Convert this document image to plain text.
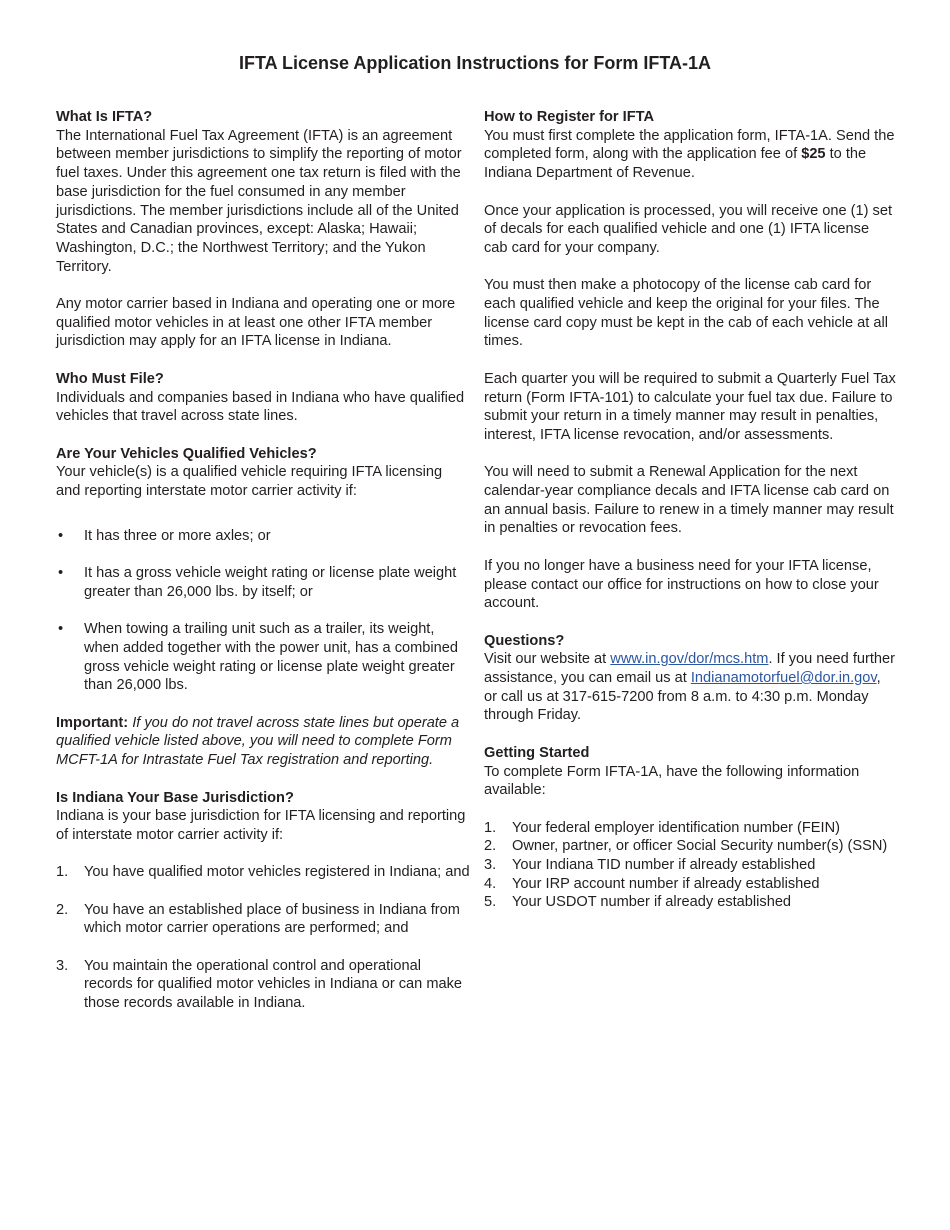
IFTA License Application Instructions for Form IFTA-1A
What Is IFTA?

The International Fuel Tax Agreement (IFTA) is an agreement between member jurisdictions to simplify the reporting of motor fuel taxes. Under this agreement one tax return is filed with the base jurisdiction for the fuel consumed in any member jurisdictions. The member jurisdictions include all of the United States and Canadian provinces, except: Alaska; Hawaii; Washington, D.C.; the Northwest Territory; and the Yukon Territory.

Any motor carrier based in Indiana and operating one or more qualified motor vehicles in at least one other IFTA member jurisdiction may apply for an IFTA license in Indiana.

Who Must File?

Individuals and companies based in Indiana who have qualified vehicles that travel across state lines.

Are Your Vehicles Qualified Vehicles?

Your vehicle(s) is a qualified vehicle requiring IFTA licensing and reporting interstate motor carrier activity if:

• It has three or more axles; or
• It has a gross vehicle weight rating or license plate weight greater than 26,000 lbs. by itself; or
• When towing a trailing unit such as a trailer, its weight, when added together with the power unit, has a combined gross vehicle weight rating or license plate weight greater than 26,000 lbs.

Important: If you do not travel across state lines but operate a qualified vehicle listed above, you will need to complete Form MCFT-1A for Intrastate Fuel Tax registration and reporting.

Is Indiana Your Base Jurisdiction?

Indiana is your base jurisdiction for IFTA licensing and reporting of interstate motor carrier activity if:

1. You have qualified motor vehicles registered in Indiana; and
2. You have an established place of business in Indiana from which motor carrier operations are performed; and
3. You maintain the operational control and operational records for qualified motor vehicles in Indiana or can make those records available in Indiana.
How to Register for IFTA

You must first complete the application form, IFTA-1A. Send the completed form, along with the application fee of $25 to the Indiana Department of Revenue.

Once your application is processed, you will receive one (1) set of decals for each qualified vehicle and one (1) IFTA license cab card for your company.

You must then make a photocopy of the license cab card for each qualified vehicle and keep the original for your files. The license card copy must be kept in the cab of each vehicle at all times.

Each quarter you will be required to submit a Quarterly Fuel Tax return (Form IFTA-101) to calculate your fuel tax due. Failure to submit your return in a timely manner may result in penalties, interest, IFTA license revocation, and/or assessments.

You will need to submit a Renewal Application for the next calendar-year compliance decals and IFTA license cab card on an annual basis. Failure to renew in a timely manner may result in penalties or revocation fees.

If you no longer have a business need for your IFTA license, please contact our office for instructions on how to close your account.

Questions?

Visit our website at www.in.gov/dor/mcs.htm. If you need further assistance, you can email us at Indianamotorfuel@dor.in.gov, or call us at 317-615-7200 from 8 a.m. to 4:30 p.m. Monday through Friday.

Getting Started

To complete Form IFTA-1A, have the following information available:

1. Your federal employer identification number (FEIN)
2. Owner, partner, or officer Social Security number(s) (SSN)
3. Your Indiana TID number if already established
4. Your IRP account number if already established
5. Your USDOT number if already established
